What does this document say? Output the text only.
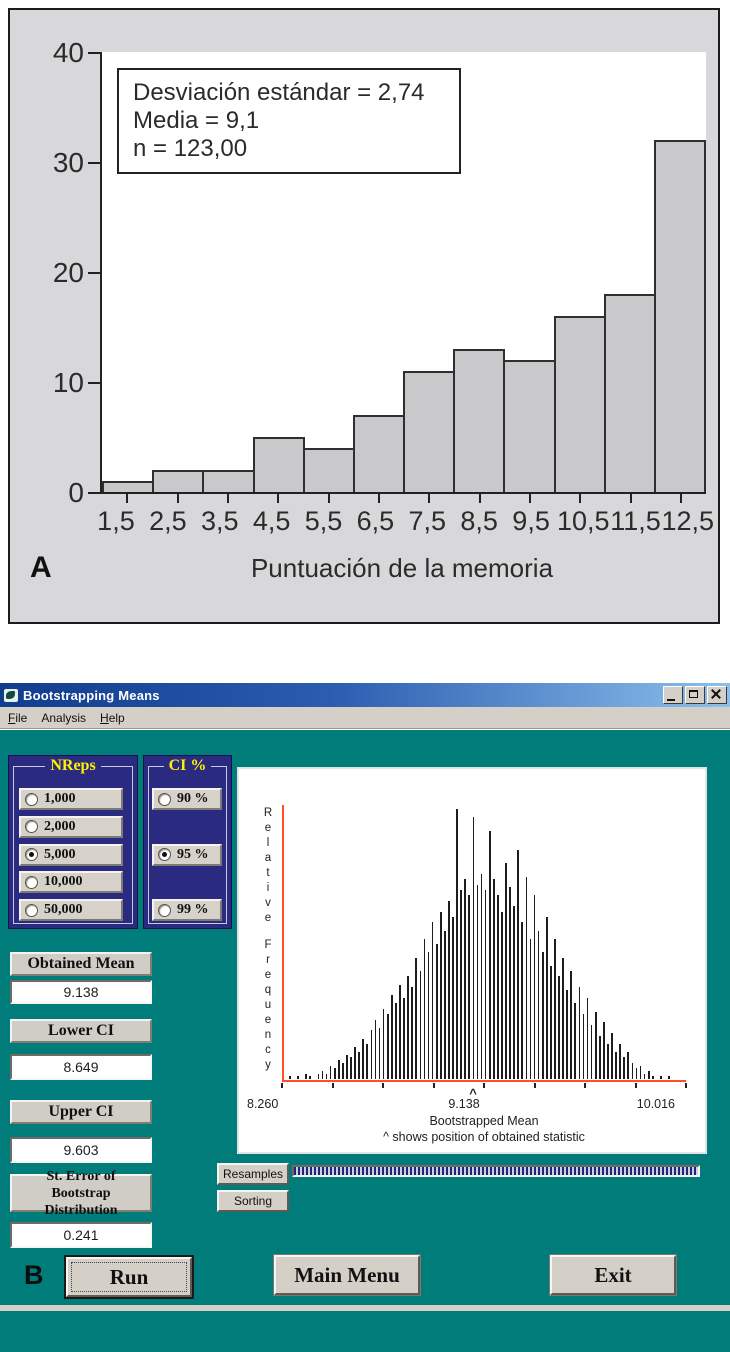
0
10
20
30
40
1,5 2,5 3,5 4,5 5,5 6,5 7,5 8,5 9,5 10,5 11,5 12,5
Desviación estándar = 2,74
Media = 9,1
n = 123,00
Puntuación de la memoria
A
Bootstrapping Means
File	Analysis	Help
NReps
1,000
2,000
5,000
10,000
50,000
CI %
90 %
95 %
99 %
R
e
l
a
t
i
v
e
F
r
e
q
u
e
n
c
y
^
8.260	9.138	10.016
Bootstrapped Mean
^ shows position of obtained statistic
Obtained Mean
9.138
Lower CI
8.649
Upper CI
9.603
St. Error of Bootstrap Distribution
0.241
Resamples
Sorting
Run	Main Menu	Exit
B
